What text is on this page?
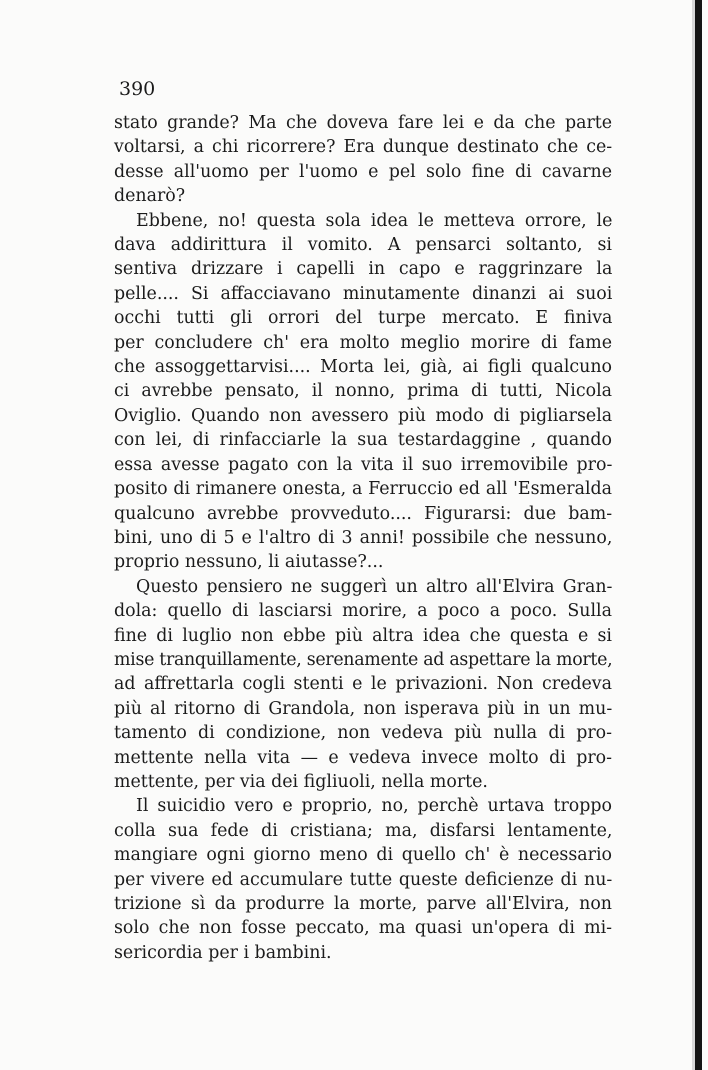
390

stato grande? Ma che doveva fare lei e da che parte
voltarsi, a chi ricorrere? Era dunque destinato che ce-
desse all'uomo per l'uomo e pel solo fine di cavarne
denarò?

Ebbene, no! questa sola idea le metteva orrore, le
dava addirittura il vomito. A pensarci soltanto, si
sentiva drizzare i capelli in capo e raggrinzare la
pelle.... Si affacciavano minutamente dinanzi ai suoi
occhi tutti gli orrori del turpe mercato. E finiva
per concludere ch' era molto meglio morire di fame
che assoggettarvisi.... Morta lei, già, ai figli qualcuno
ci avrebbe pensato, il nonno, prima di tutti, Nicola
Oviglio. Quando non avessero più modo di pigliarsela
con lei, di rinfacciarle la sua testardaggine , quando
essa avesse pagato con la vita il suo irremovibile pro-
posito di rimanere onesta, a Ferruccio ed all 'Esmeralda
qualcuno avrebbe provveduto.... Figurarsi: due bam-
bini, uno di 5 e l'altro di 3 anni! possibile che nessuno,
proprio nessuno, li aiutasse?...

Questo pensiero ne suggerì un altro all'Elvira Gran-
dola: quello di lasciarsi morire, a poco a poco. Sulla
fine di luglio non ebbe più altra idea che questa e si
mise tranquillamente, serenamente ad aspettare la morte,
ad affrettarla cogli stenti e le privazioni. Non credeva
più al ritorno di Grandola, non isperava più in un mu-
tamento di condizione, non vedeva più nulla di pro-
mettente nella vita — e vedeva invece molto di pro-
mettente, per via dei figliuoli, nella morte.

Il suicidio vero e proprio, no, perchè urtava troppo
colla sua fede di cristiana; ma, disfarsi lentamente,
mangiare ogni giorno meno di quello ch' è necessario
per vivere ed accumulare tutte queste deficienze di nu-
trizione sì da produrre la morte, parve all'Elvira, non
solo che non fosse peccato, ma quasi un'opera di mi-
sericordia per i bambini.
